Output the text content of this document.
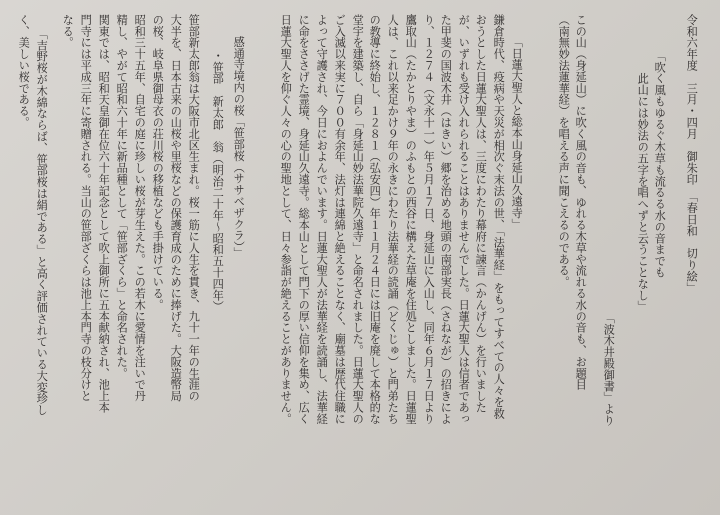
令和六年度　三月・四月　御朱印　「春日和　切り絵」
「吹く風もゆるぐ木草も流るる水の音までも
　　此山には妙法の五字を唱へずと云うことなし」
「波木井殿御書」より
この山（身延山）に吹く風の音も、ゆれる木草や流れる水の音も、お題目
（南無妙法蓮華経）を唱える声に聞こえるのである。
「日蓮大聖人と総本山身延山久遠寺」
鎌倉時代、疫病や天災が相次ぐ末法の世、「法華経」をもってすべての人々を救
おうとした日蓮大聖人は、三度にわたり幕府に諫言（かんげん）を行いました
が、いずれも受け入れられることはありませんでした。日蓮大聖人は信者であっ
た甲斐の国波木井（はきい）郷を治める地頭の南部実長（さねなが）の招きによ
り、１２７４（文永十一）年５月１７日、身延山に入山し、同年６月１７日より
鷹取山（たかとりやま）のふもとの西谷に構えた草庵を住処としました。日蓮聖
人は、これ以来足かけ９年の永きにわたり法華経の読誦（どくじゅ）と門弟たち
の教導に終始し、１２８１（弘安四）年１１月２４日には旧庵を廃して本格的な
堂宇を建築し、自ら「身延山妙法華院久遠寺」と命名されました。日蓮大聖人の
ご入滅以来実に７００有余年、法灯は連綿と絶えることなく、廟墓は歴代住職に
よって守護され、今日におよんでいます。日蓮大聖人が法華経を読誦し、法華経
に命をささげた霊境、身延山久遠寺。総本山として門下の厚い信仰を集め、広く
日蓮大聖人を仰ぐ人々の心の聖地として、日々参詣が絶えることがありません。
感通寺境内の桜「笹部桜（ササベザクラ）」
・笹部　新太郎　翁（明治二十年～昭和五十四年）
笹部新太郎翁は大阪市北区生まれ。桜一筋に人生を貫き、九十一年の生涯の
大半を、日本古来の山桜や里桜などの保護育成のために捧げた。大阪造幣局
の桜、岐阜県御母衣の荘川桜の移植なども手掛けている。
昭和三十五年、自宅の庭に珍しい桜が芽生えた。この若木に愛情を注いで丹
精し、やがて昭和六十年に新品種として「笹部ざくら」と命名された。
関東では、昭和天皇御在位六十年記念として吹上御所に五本献納され、池上本
門寺には平成三年に寄贈される。当山の笹部ざくらは池上本門寺の枝分けと
なる。
「吉野桜が木綿ならば、笹部桜は絹である」と高く評価されている大変珍し
く、美しい桜である。
